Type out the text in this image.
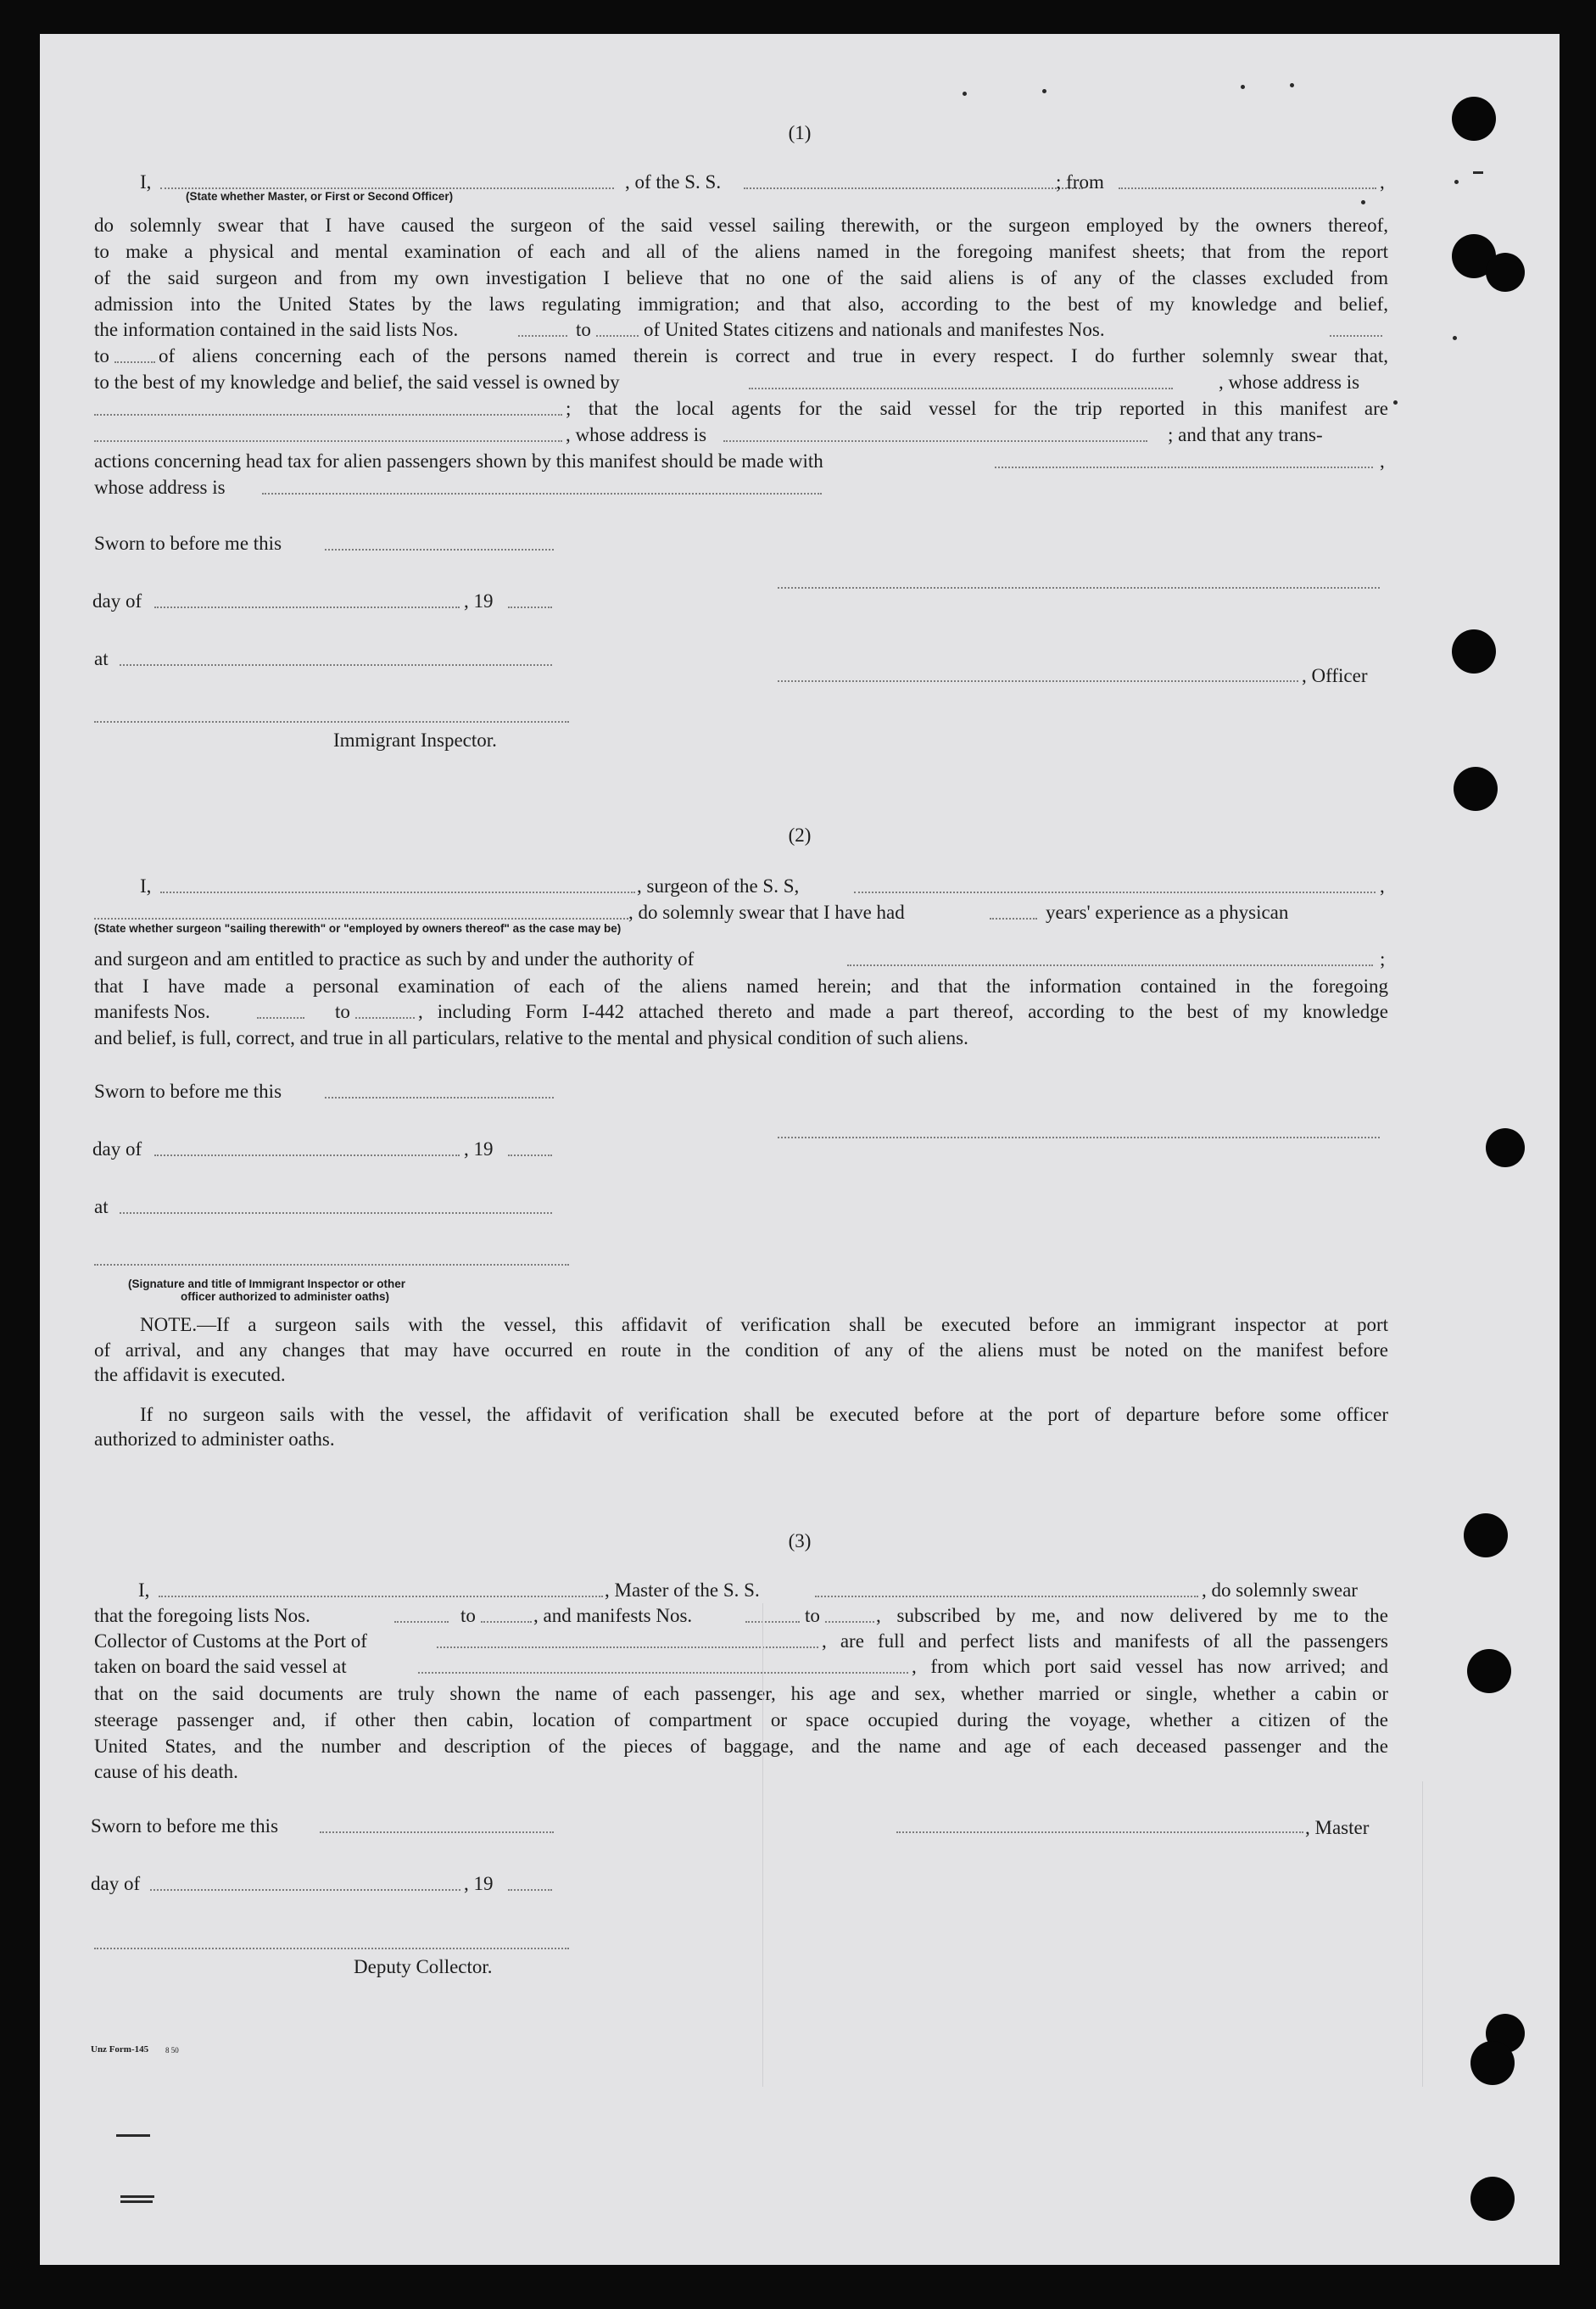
(1)
I,	, of the S. S.	; from	,
(State whether Master, or First or Second Officer)
do solemnly swear that I have caused the surgeon of the said vessel sailing therewith, or the surgeon employed by the owners thereof,
to make a physical and mental examination of each and all of the aliens named in the foregoing manifest sheets; that from the report
of the said surgeon and from my own investigation I believe that no one of the said aliens is of any of the classes excluded from
admission into the United States by the laws regulating immigration; and that also, according to the best of my knowledge and belief,
the information contained in the said lists Nos.	to	of United States citizens and nationals and manifestes Nos.
to	of aliens concerning each of the persons named therein is correct and true in every respect. I do further solemnly swear that,
to the best of my knowledge and belief, the said vessel is owned by	, whose address is
; that the local agents for the said vessel for the trip reported in this manifest are
, whose address is	; and that any trans-
actions concerning head tax for alien passengers shown by this manifest should be made with	,
whose address is
Sworn to before me this
day of	, 19
at
, Officer
Immigrant Inspector.
(2)
I,	, surgeon of the S. S,	,
, do solemnly swear that I have had	years' experience as a physican
(State whether surgeon "sailing therewith" or "employed by owners thereof" as the case may be)
and surgeon and am entitled to practice as such by and under the authority of	;
that I have made a personal examination of each of the aliens named herein; and that the information contained in the foregoing
manifests Nos.	to	, including Form I-442 attached thereto and made a part thereof, according to the best of my knowledge
and belief, is full, correct, and true in all particulars, relative to the mental and physical condition of such aliens.
Sworn to before me this
day of	, 19
at
(Signature and title of Immigrant Inspector or other
officer authorized to administer oaths)
NOTE.—If a surgeon sails with the vessel, this affidavit of verification shall be executed before an immigrant inspector at port
of arrival, and any changes that may have occurred en route in the condition of any of the aliens must be noted on the manifest before
the affidavit is executed.
If no surgeon sails with the vessel, the affidavit of verification shall be executed before at the port of departure before some officer
authorized to administer oaths.
(3)
I,	, Master of the S. S.	, do solemnly swear
that the foregoing lists Nos.	to	, and manifests Nos.	to	, subscribed by me, and now delivered by me to the
Collector of Customs at the Port of	, are full and perfect lists and manifests of all the passengers
taken on board the said vessel at	, from which port said vessel has now arrived; and
that on the said documents are truly shown the name of each passenger, his age and sex, whether married or single, whether a cabin or
steerage passenger and, if other then cabin, location of compartment or space occupied during the voyage, whether a citizen of the
United States, and the number and description of the pieces of baggage, and the name and age of each deceased passenger and the
cause of his death.
Sworn to before me this	, Master
day of	, 19
Deputy Collector.
Unz Form-145 8 50
